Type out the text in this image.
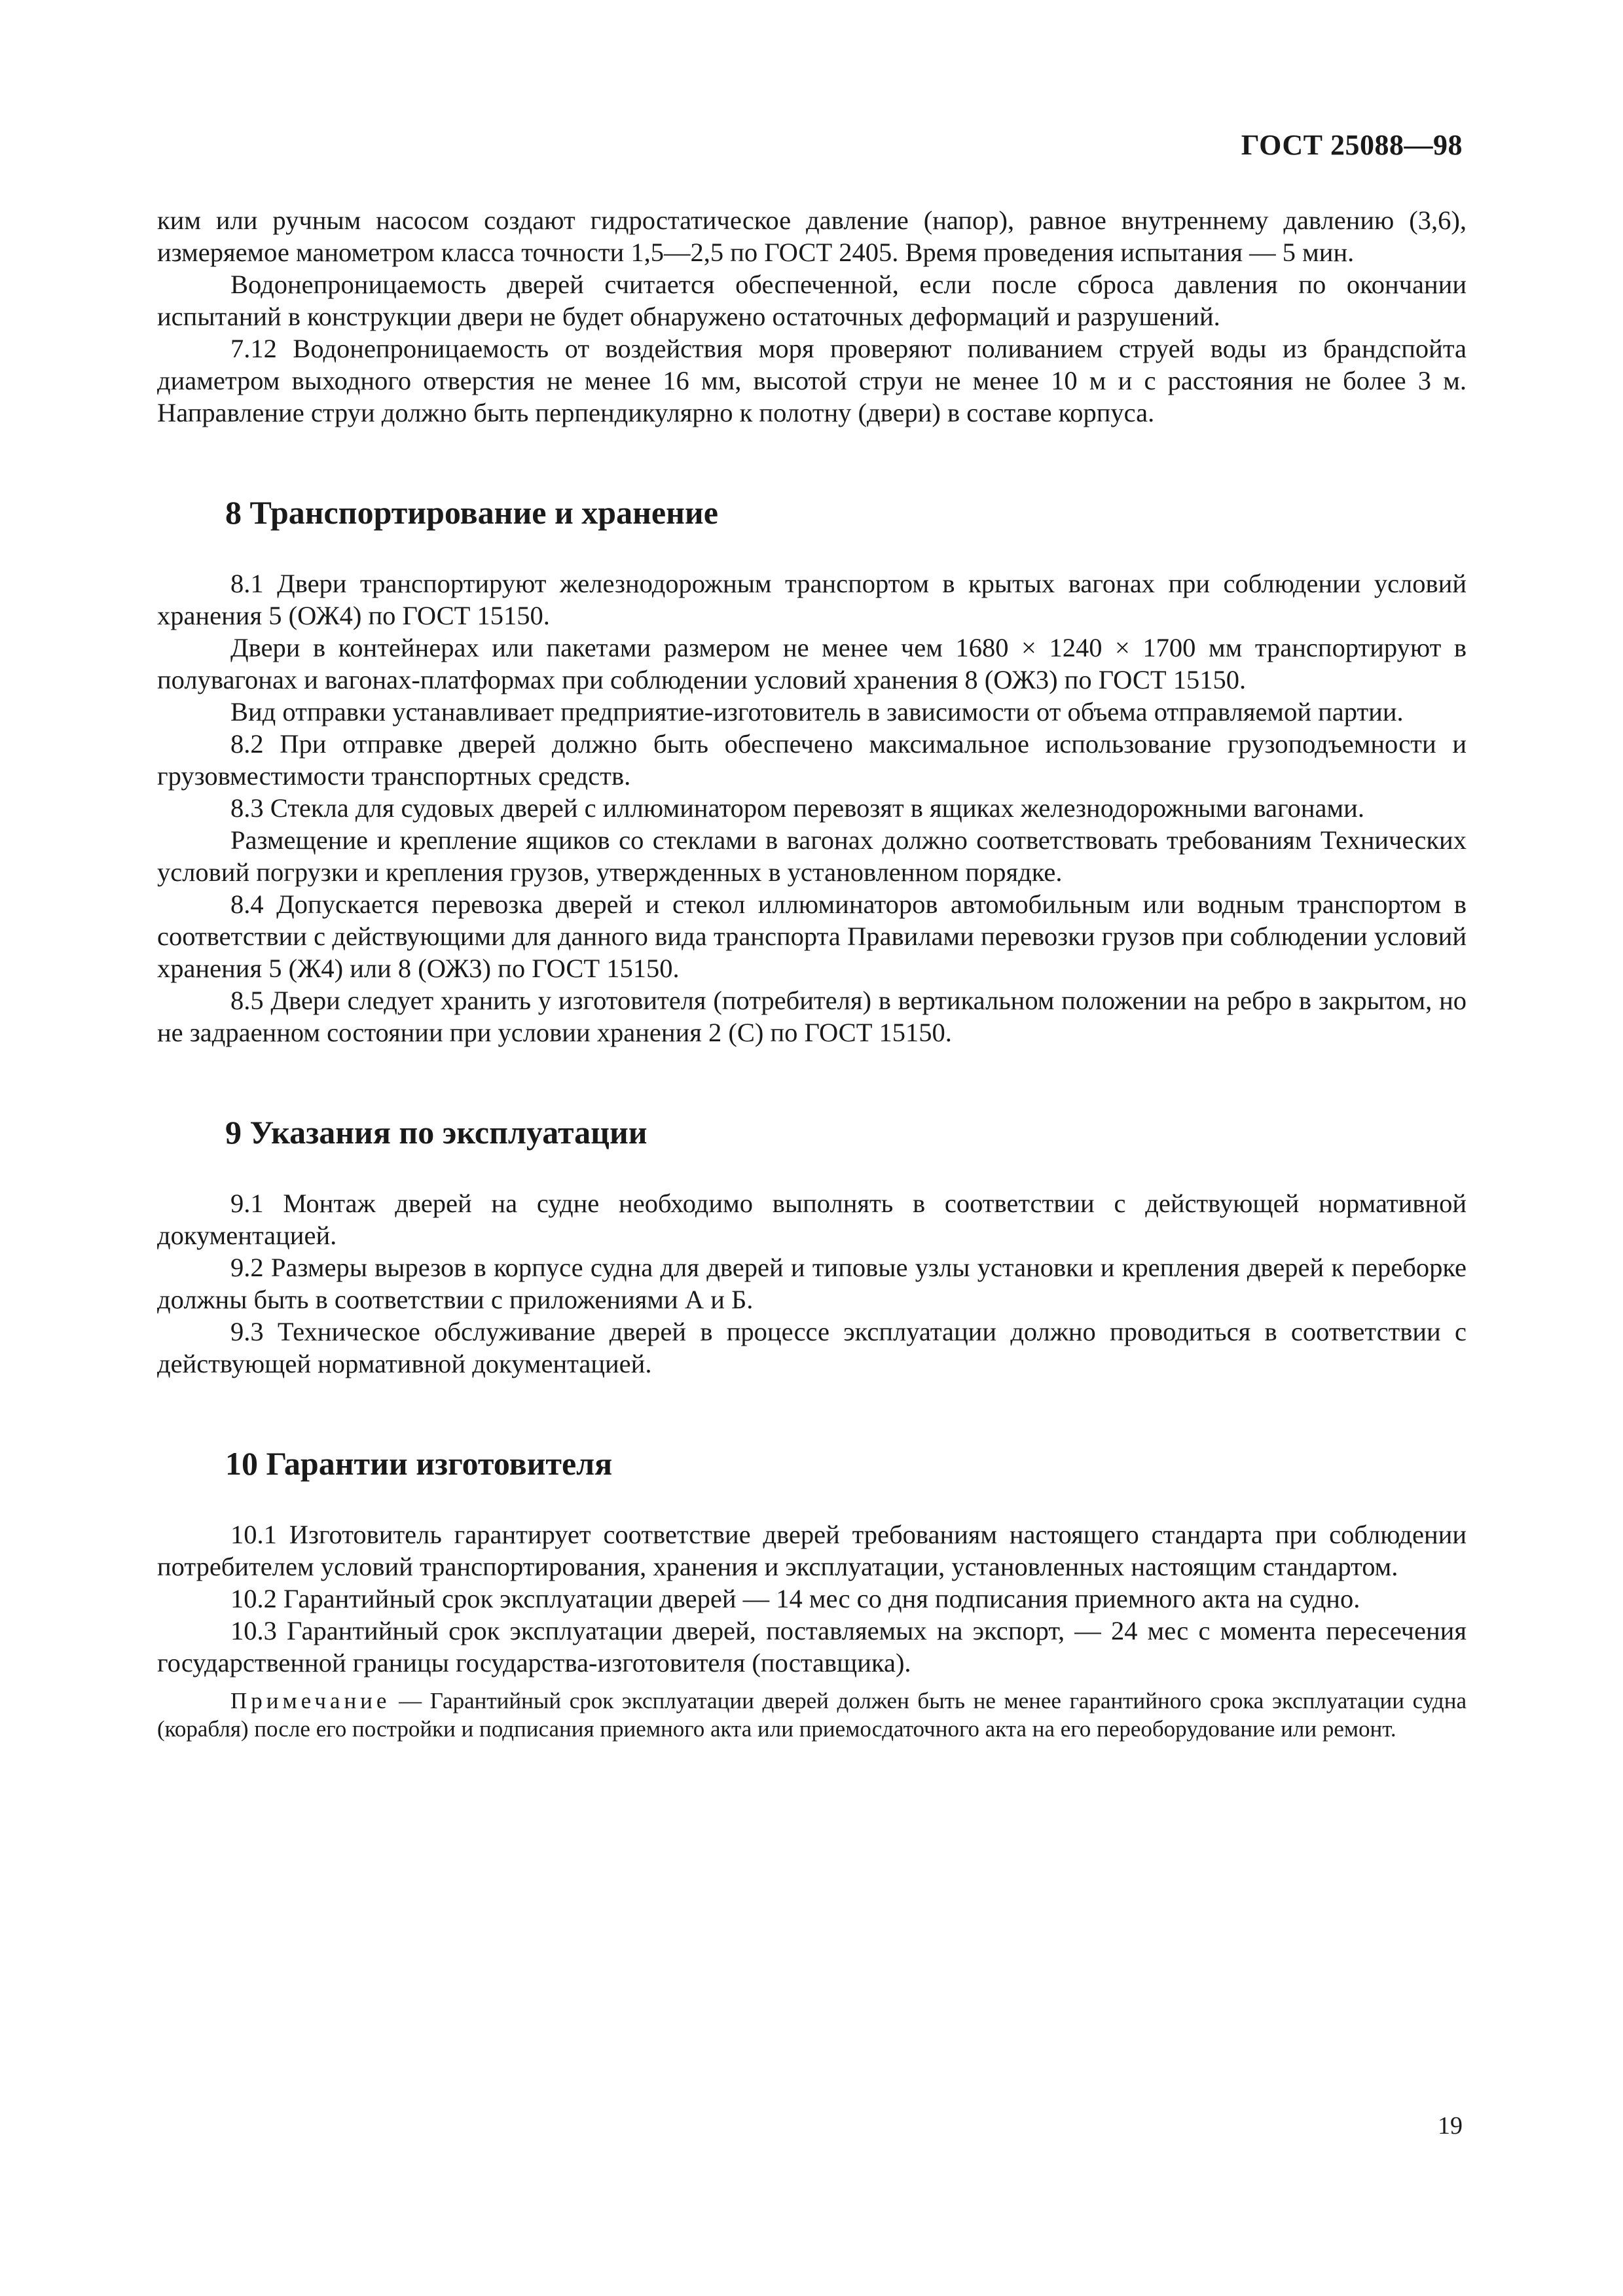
ГОСТ 25088—98

ким или ручным насосом создают гидростатическое давление (напор), равное внутреннему давлению (3,6), измеряемое манометром класса точности 1,5—2,5 по ГОСТ 2405. Время проведения испытания — 5 мин.

Водонепроницаемость дверей считается обеспеченной, если после сброса давления по окончании испытаний в конструкции двери не будет обнаружено остаточных деформаций и разрушений.

7.12 Водонепроницаемость от воздействия моря проверяют поливанием струей воды из брандспойта диаметром выходного отверстия не менее 16 мм, высотой струи не менее 10 м и с расстояния не более 3 м. Направление струи должно быть перпендикулярно к полотну (двери) в составе корпуса.

8 Транспортирование и хранение

8.1 Двери транспортируют железнодорожным транспортом в крытых вагонах при соблюдении условий хранения 5 (ОЖ4) по ГОСТ 15150.

Двери в контейнерах или пакетами размером не менее чем 1680 × 1240 × 1700 мм транспортируют в полувагонах и вагонах-платформах при соблюдении условий хранения 8 (ОЖ3) по ГОСТ 15150.

Вид отправки устанавливает предприятие-изготовитель в зависимости от объема отправляемой партии.

8.2 При отправке дверей должно быть обеспечено максимальное использование грузоподъемности и грузовместимости транспортных средств.

8.3 Стекла для судовых дверей с иллюминатором перевозят в ящиках железнодорожными вагонами.

Размещение и крепление ящиков со стеклами в вагонах должно соответствовать требованиям Технических условий погрузки и крепления грузов, утвержденных в установленном порядке.

8.4 Допускается перевозка дверей и стекол иллюминаторов автомобильным или водным транспортом в соответствии с действующими для данного вида транспорта Правилами перевозки грузов при соблюдении условий хранения 5 (Ж4) или 8 (ОЖ3) по ГОСТ 15150.

8.5 Двери следует хранить у изготовителя (потребителя) в вертикальном положении на ребро в закрытом, но не задраенном состоянии при условии хранения 2 (С) по ГОСТ 15150.

9 Указания по эксплуатации

9.1 Монтаж дверей на судне необходимо выполнять в соответствии с действующей нормативной документацией.

9.2 Размеры вырезов в корпусе судна для дверей и типовые узлы установки и крепления дверей к переборке должны быть в соответствии с приложениями А и Б.

9.3 Техническое обслуживание дверей в процессе эксплуатации должно проводиться в соответствии с действующей нормативной документацией.

10 Гарантии изготовителя

10.1 Изготовитель гарантирует соответствие дверей требованиям настоящего стандарта при соблюдении потребителем условий транспортирования, хранения и эксплуатации, установленных настоящим стандартом.

10.2 Гарантийный срок эксплуатации дверей — 14 мес со дня подписания приемного акта на судно.

10.3 Гарантийный срок эксплуатации дверей, поставляемых на экспорт, — 24 мес с момента пересечения государственной границы государства-изготовителя (поставщика).

Примечание — Гарантийный срок эксплуатации дверей должен быть не менее гарантийного срока эксплуатации судна (корабля) после его постройки и подписания приемного акта или приемосдаточного акта на его переоборудование или ремонт.

19
